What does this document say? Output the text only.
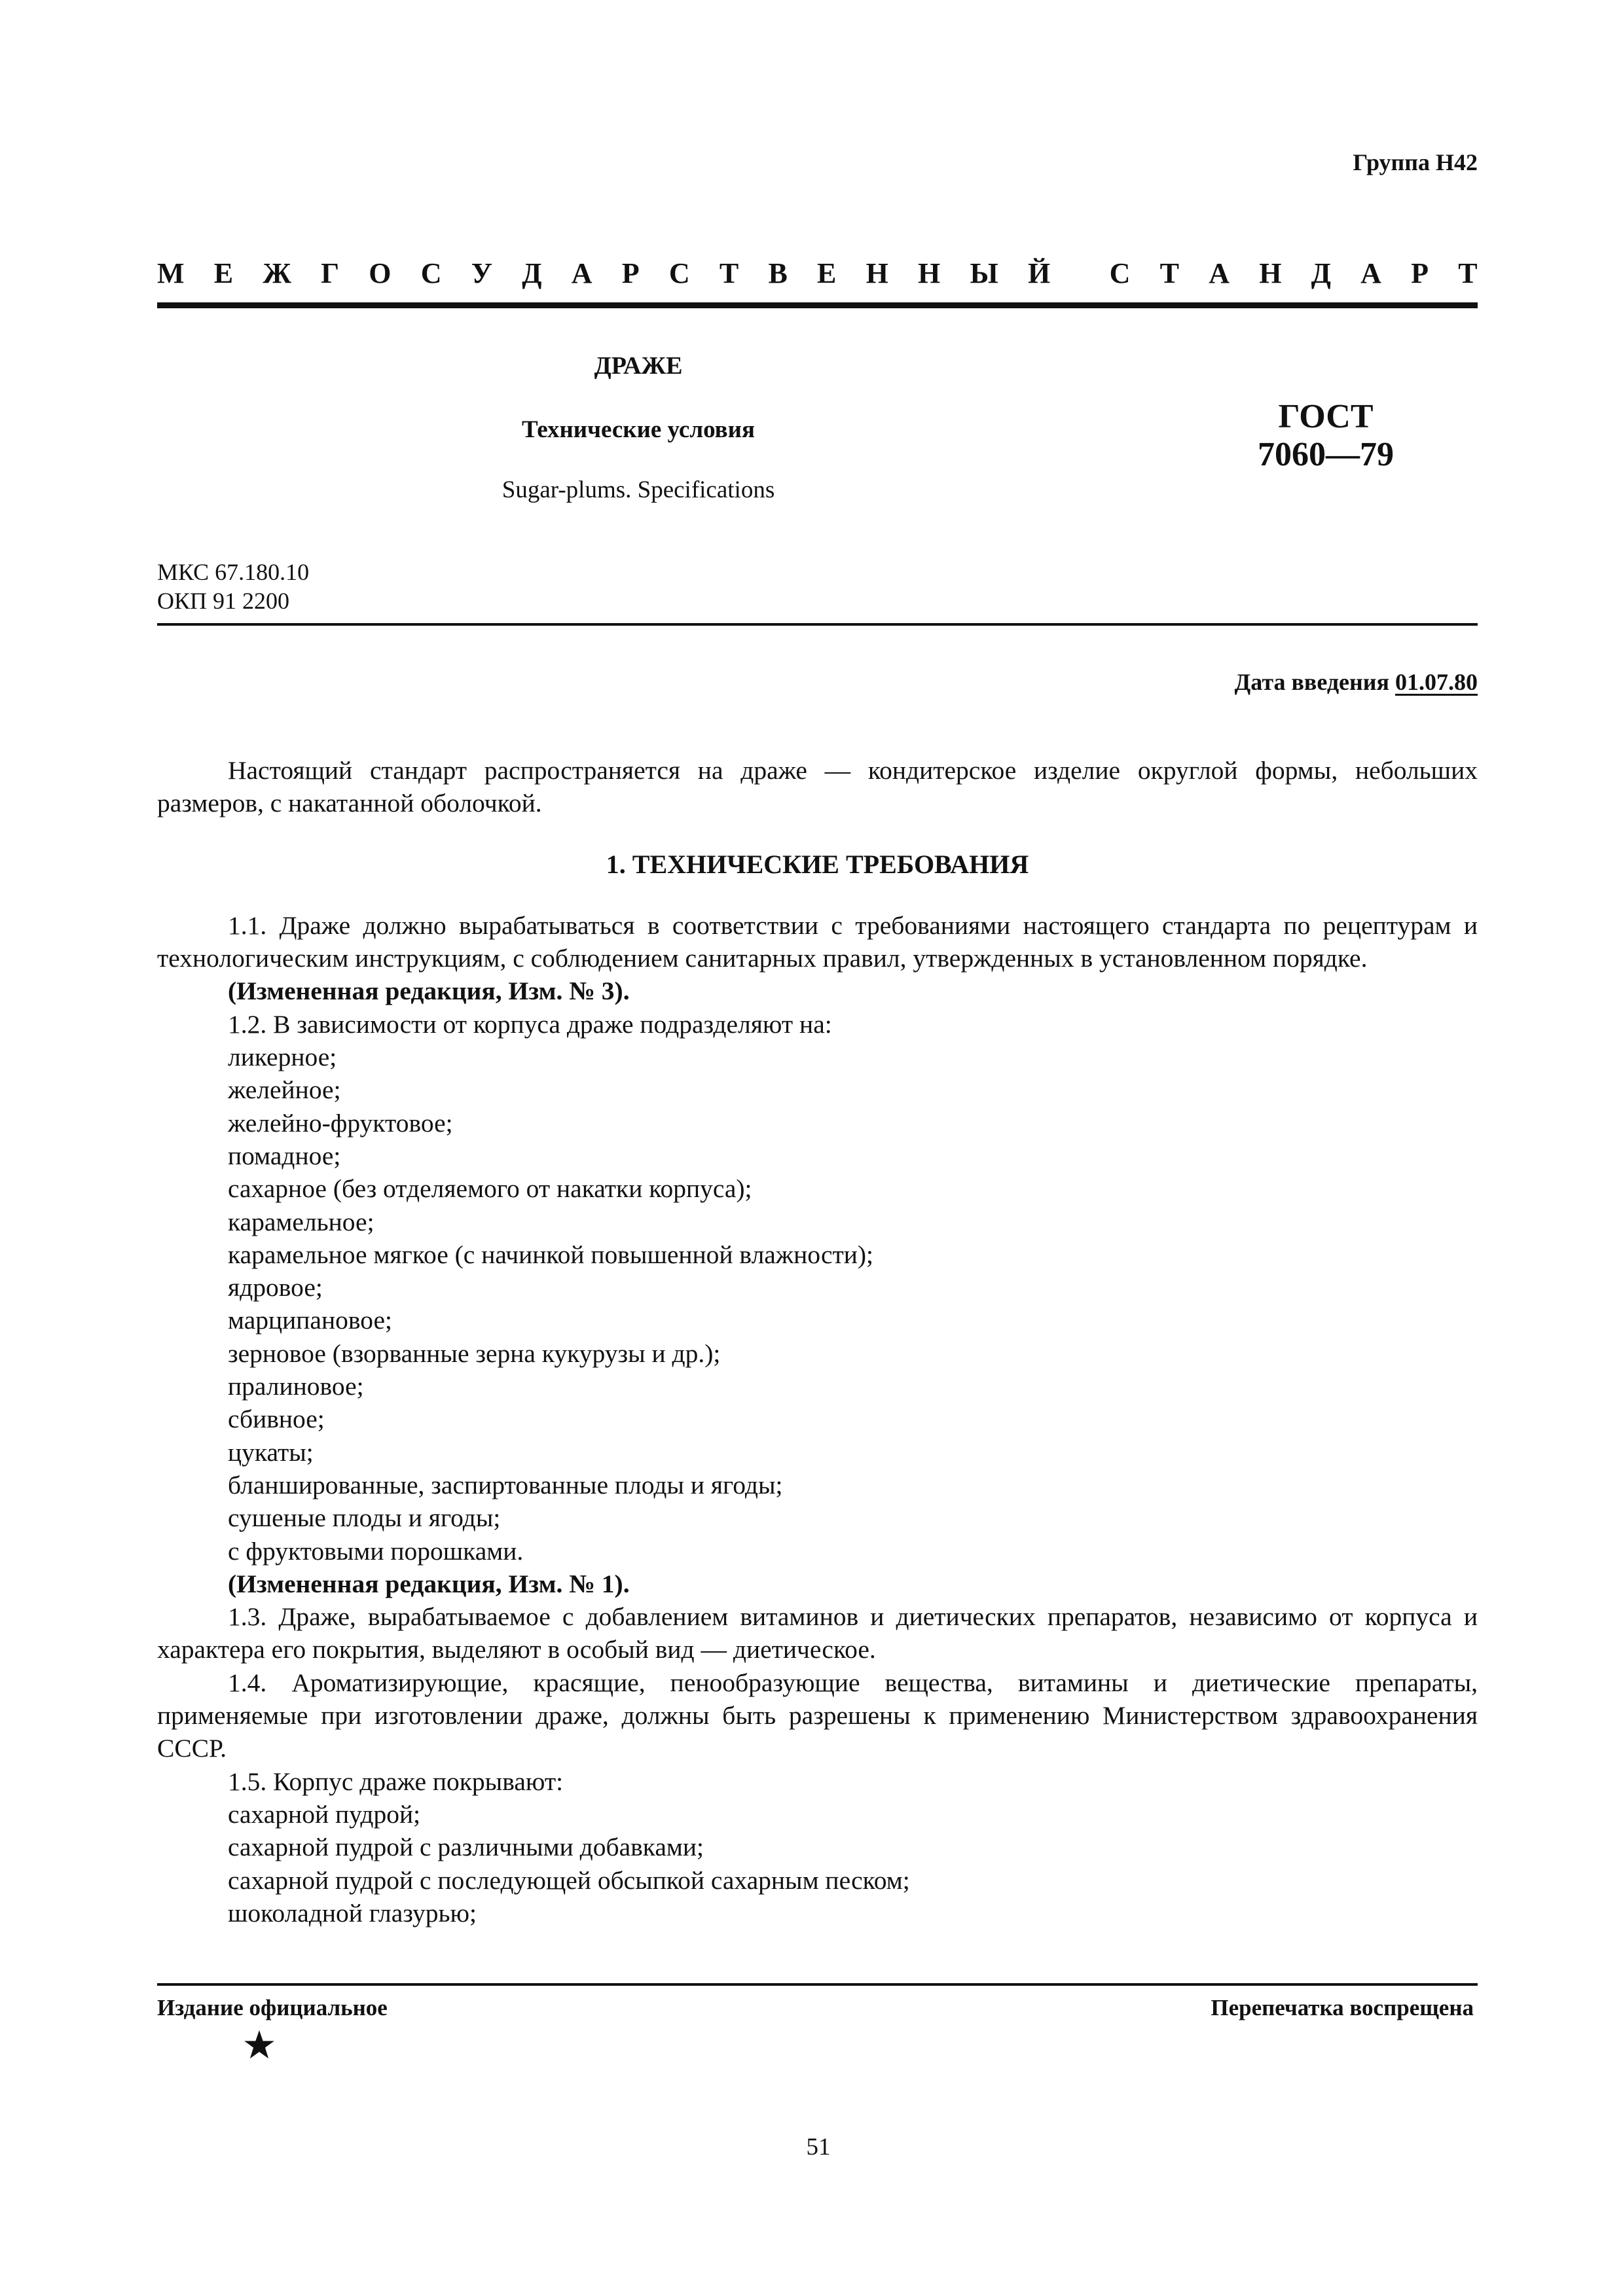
Группа Н42
М Е Ж Г О С У Д А Р С Т В Е Н Н Ы Й С Т А Н Д А Р Т
ДРАЖЕ
Технические условия
Sugar-plums. Specifications
ГОСТ
7060—79
МКС 67.180.10
ОКП 91 2200
Дата введения 01.07.80

Настоящий стандарт распространяется на драже — кондитерское изделие округлой формы, небольших размеров, с накатанной оболочкой.

1. ТЕХНИЧЕСКИЕ ТРЕБОВАНИЯ

1.1. Драже должно вырабатываться в соответствии с требованиями настоящего стандарта по рецептурам и технологическим инструкциям, с соблюдением санитарных правил, утвержденных в установленном порядке.

(Измененная редакция, Изм. № 3).

1.2. В зависимости от корпуса драже подразделяют на:

ликерное;

желейное;

желейно-фруктовое;

помадное;

сахарное (без отделяемого от накатки корпуса);

карамельное;

карамельное мягкое (с начинкой повышенной влажности);

ядровое;

марципановое;

зерновое (взорванные зерна кукурузы и др.);

пралиновое;

сбивное;

цукаты;

бланшированные, заспиртованные плоды и ягоды;

сушеные плоды и ягоды;

с фруктовыми порошками.

(Измененная редакция, Изм. № 1).

1.3. Драже, вырабатываемое с добавлением витаминов и диетических препаратов, независимо от корпуса и характера его покрытия, выделяют в особый вид — диетическое.

1.4. Ароматизирующие, красящие, пенообразующие вещества, витамины и диетические препараты, применяемые при изготовлении драже, должны быть разрешены к применению Министерством здравоохранения СССР.

1.5. Корпус драже покрывают:

сахарной пудрой;

сахарной пудрой с различными добавками;

сахарной пудрой с последующей обсыпкой сахарным песком;

шоколадной глазурью;

Издание официальное	Перепечатка воспрещена
51
